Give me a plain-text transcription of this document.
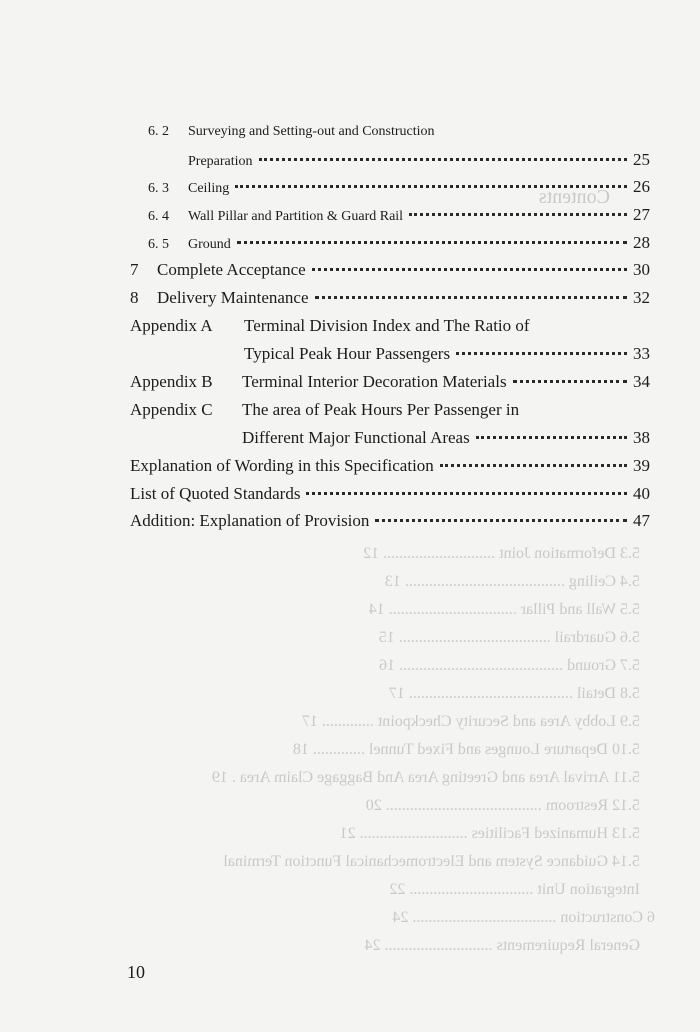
Contents
5.3 Deformation Joint ............................ 12
5.4 Ceiling ........................................ 13
5.5 Wall and Pillar ................................ 14
5.6 Guardrail ...................................... 15
5.7 Ground ......................................... 16
5.8 Detail ......................................... 17
5.9 Lobby Area and Security Checkpoint ............. 17
5.10 Departure Lounges and Fixed Tunnel ............. 18
5.11 Arrival Area and Greeting Area And Baggage Claim Area . 19
5.12 Restroom ....................................... 20
5.13 Humanized Facilities ........................... 21
5.14 Guidance System and Electromechanical Function Terminal
Integration Unit ............................... 22
6 Construction .................................... 24
General Requirements ........................... 24
6. 2	Surveying and Setting-out and Construction
Preparation	25
6. 3	Ceiling	26
6. 4	Wall Pillar and Partition & Guard Rail	27
6. 5	Ground	28
7	Complete Acceptance	30
8	Delivery Maintenance	32
Appendix A	Terminal Division Index and The Ratio of
Typical Peak Hour Passengers	33
Appendix B	Terminal Interior Decoration Materials	34
Appendix C	The area of Peak Hours Per Passenger in
Different Major Functional Areas	38
Explanation of Wording in this Specification	39
List of Quoted Standards	40
Addition: Explanation of Provision	47
10
